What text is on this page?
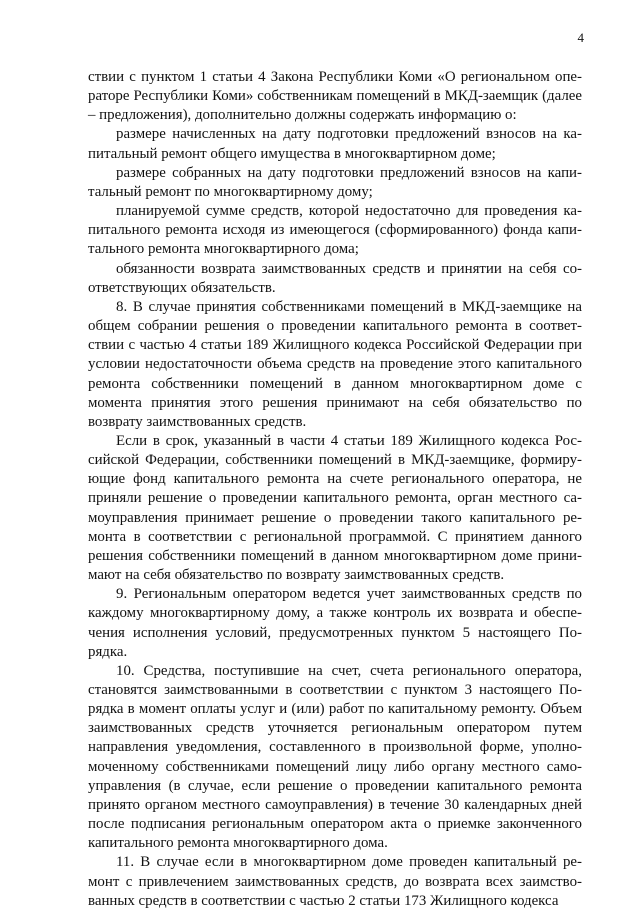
4

ствии с пунктом 1 статьи 4 Закона Республики Коми «О региональном операторе Республики Коми» собственникам помещений в МКД-заемщик (далее – предложения), дополнительно должны содержать информацию о:

размере начисленных на дату подготовки предложений взносов на капитальный ремонт общего имущества в многоквартирном доме;

размере собранных на дату подготовки предложений взносов на капитальный ремонт по многоквартирному дому;

планируемой сумме средств, которой недостаточно для проведения капитального ремонта исходя из имеющегося (сформированного) фонда капитального ремонта многоквартирного дома;

обязанности возврата заимствованных средств и принятии на себя соответствующих обязательств.

8. В случае принятия собственниками помещений в МКД-заемщике на общем собрании решения о проведении капитального ремонта в соответствии с частью 4 статьи 189 Жилищного кодекса Российской Федерации при условии недостаточности объема средств на проведение этого капитального ремонта собственники помещений в данном многоквартирном доме с момента принятия этого решения принимают на себя обязательство по возврату заимствованных средств.

Если в срок, указанный в части 4 статьи 189 Жилищного кодекса Российской Федерации, собственники помещений в МКД-заемщике, формирующие фонд капитального ремонта на счете регионального оператора, не приняли решение о проведении капитального ремонта, орган местного самоуправления принимает решение о проведении такого капитального ремонта в соответствии с региональной программой. С принятием данного решения собственники помещений в данном многоквартирном доме принимают на себя обязательство по возврату заимствованных средств.

9. Региональным оператором ведется учет заимствованных средств по каждому многоквартирному дому, а также контроль их возврата и обеспечения исполнения условий, предусмотренных пунктом 5 настоящего Порядка.

10. Средства, поступившие на счет, счета регионального оператора, становятся заимствованными в соответствии с пунктом 3 настоящего Порядка в момент оплаты услуг и (или) работ по капитальному ремонту. Объем заимствованных средств уточняется региональным оператором путем направления уведомления, составленного в произвольной форме, уполномоченному собственниками помещений лицу либо органу местного самоуправления (в случае, если решение о проведении капитального ремонта принято органом местного самоуправления) в течение 30 календарных дней после подписания региональным оператором акта о приемке законченного капитального ремонта многоквартирного дома.

11. В случае если в многоквартирном доме проведен капитальный ремонт с привлечением заимствованных средств, до возврата всех заимствованных средств в соответствии с частью 2 статьи 173 Жилищного кодекса
